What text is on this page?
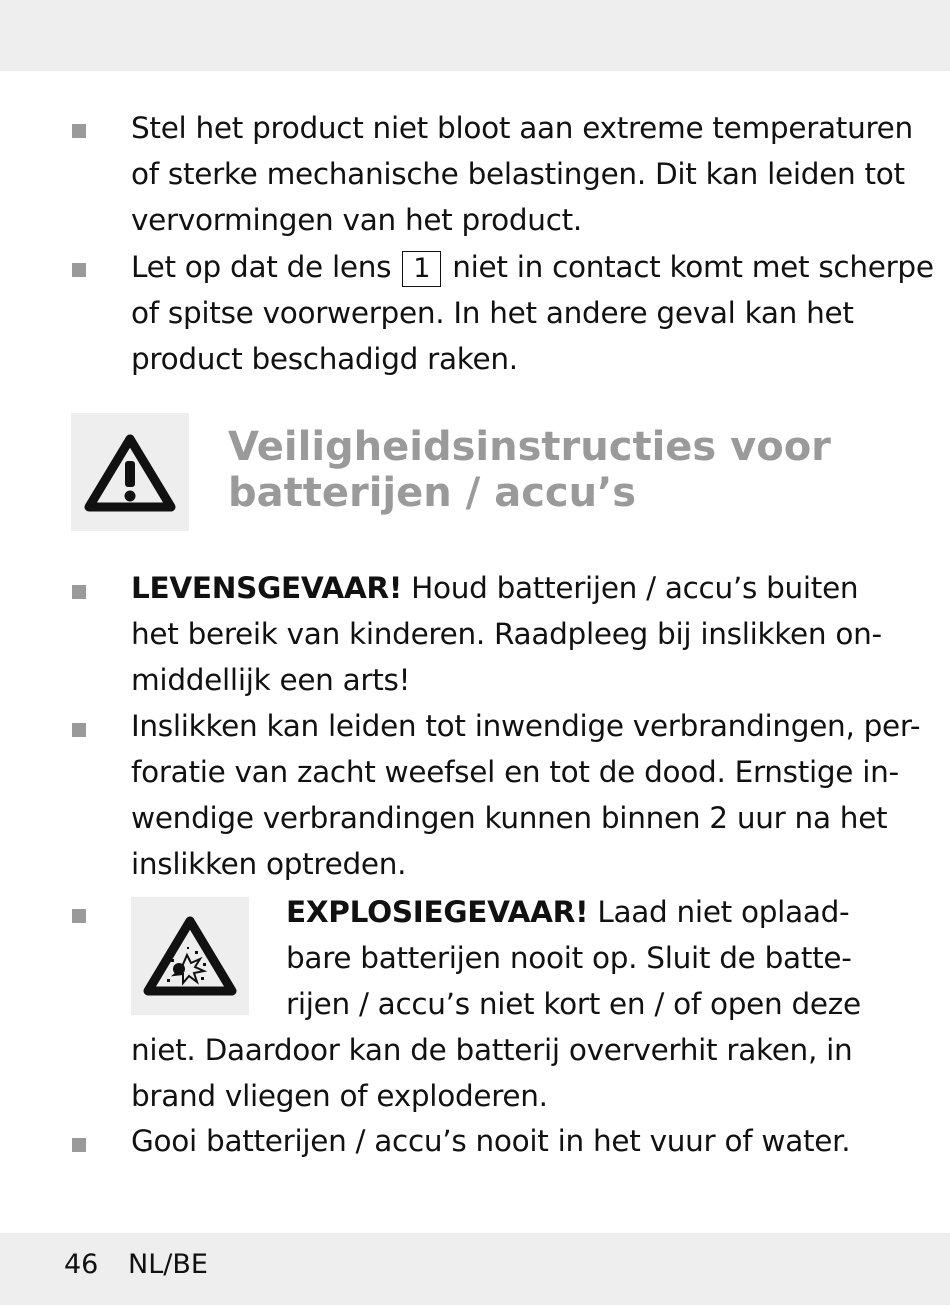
Stel het product niet bloot aan extreme temperaturen
of sterke mechanische belastingen. Dit kan leiden tot
vervormingen van het product.
Let op dat de lens 1 niet in contact komt met scherpe
of spitse voorwerpen. In het andere geval kan het
product beschadigd raken.
Veiligheidsinstructies voor
batterijen / accu’s
LEVENSGEVAAR! Houd batterijen / accu’s buiten
het bereik van kinderen. Raadpleeg bij inslikken on-
middellijk een arts!
Inslikken kan leiden tot inwendige verbrandingen, per-
foratie van zacht weefsel en tot de dood. Ernstige in-
wendige verbrandingen kunnen binnen 2 uur na het
inslikken optreden.
EXPLOSIEGEVAAR! Laad niet oplaad-
bare batterijen nooit op. Sluit de batte-
rijen / accu’s niet kort en / of open deze
niet. Daardoor kan de batterij oververhit raken, in
brand vliegen of exploderen.
Gooi batterijen / accu’s nooit in het vuur of water.
46 NL/BE
